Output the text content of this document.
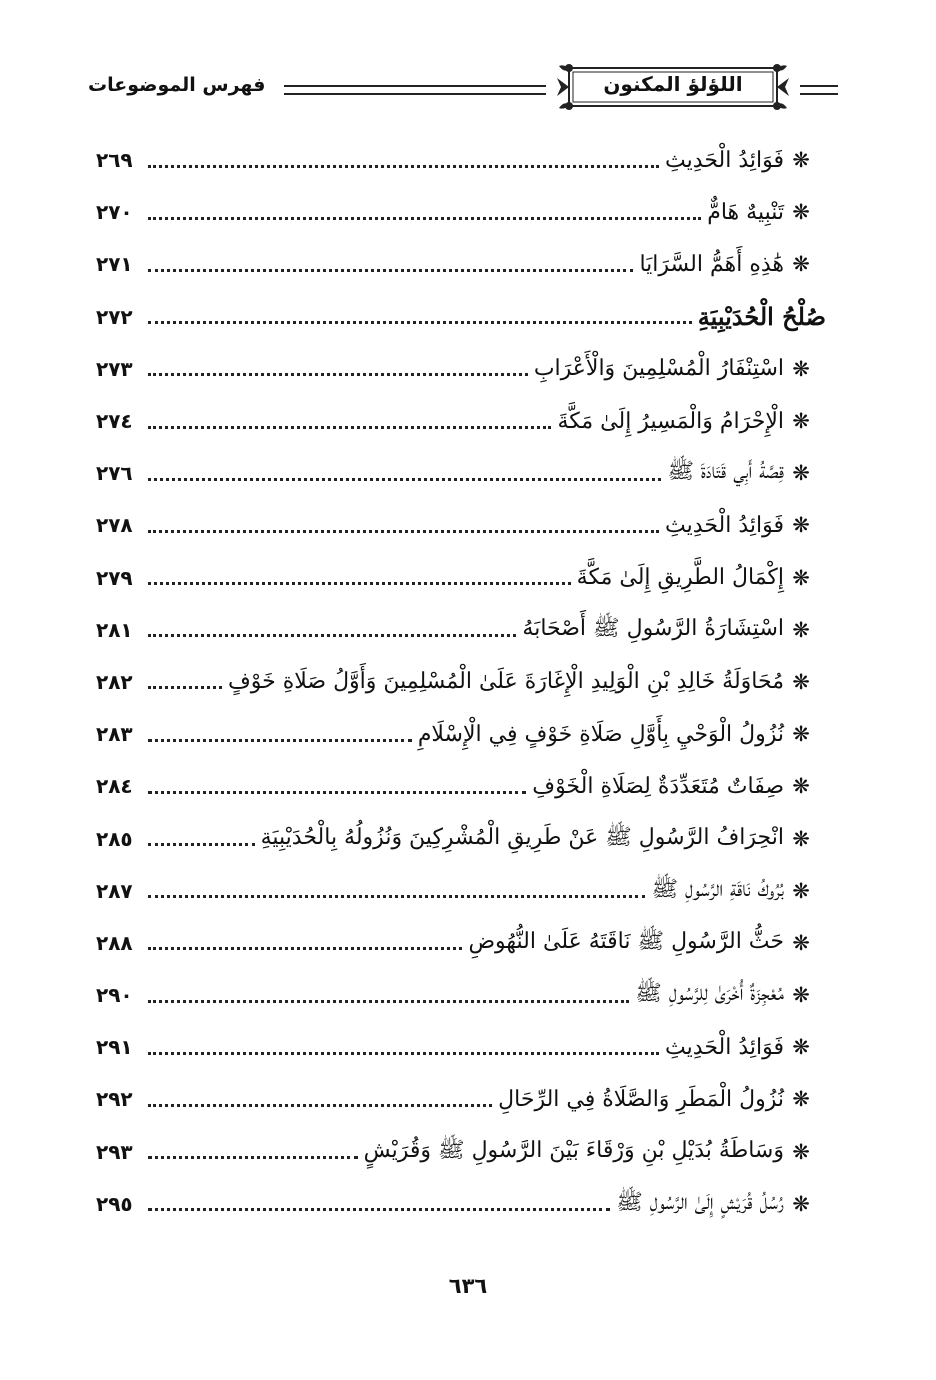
اللؤلؤ المكنون
فهرس الموضوعات
٢٦٩	فَوَائِدُ الْحَدِيثِ ❋
٢٧٠	تَنْبِيهٌ هَامٌّ ❋
٢٧١	هَٰذِهِ أَهَمُّ السَّرَايَا ❋
٢٧٢	صُلْحُ الْحُدَيْبِيَةِ
٢٧٣	اسْتِنْفَارُ الْمُسْلِمِينَ وَالْأَعْرَابِ ❋
٢٧٤	الْإِحْرَامُ وَالْمَسِيرُ إِلَىٰ مَكَّةَ ❋
٢٧٦	قِصَّةُ أَبِي قَتَادَةَ ﷺ ❋
٢٧٨	فَوَائِدُ الْحَدِيثِ ❋
٢٧٩	إِكْمَالُ الطَّرِيقِ إِلَىٰ مَكَّةَ ❋
٢٨١	اسْتِشَارَةُ الرَّسُولِ ﷺ أَصْحَابَهُ ❋
٢٨٢	مُحَاوَلَةُ خَالِدِ بْنِ الْوَلِيدِ الْإِغَارَةَ عَلَىٰ الْمُسْلِمِينَ وَأَوَّلُ صَلَاةِ خَوْفٍ ❋
٢٨٣	نُزُولُ الْوَحْيِ بِأَوَّلِ صَلَاةِ خَوْفٍ فِي الْإِسْلَامِ ❋
٢٨٤	صِفَاتٌ مُتَعَدِّدَةٌ لِصَلَاةِ الْخَوْفِ ❋
٢٨٥	انْحِرَافُ الرَّسُولِ ﷺ عَنْ طَرِيقِ الْمُشْرِكِينَ وَنُزُولُهُ بِالْحُدَيْبِيَةِ ❋
٢٨٧	بُرُوكُ نَاقَةِ الرَّسُولِ ﷺ ❋
٢٨٨	حَثُّ الرَّسُولِ ﷺ نَاقَتَهُ عَلَىٰ النُّهُوضِ ❋
٢٩٠	مُعْجِزَةٌ أُخْرَىٰ لِلرَّسُولِ ﷺ ❋
٢٩١	فَوَائِدُ الْحَدِيثِ ❋
٢٩٢	نُزُولُ الْمَطَرِ وَالصَّلَاةُ فِي الرِّحَالِ ❋
٢٩٣	وَسَاطَةُ بُدَيْلِ بْنِ وَرْقَاءَ بَيْنَ الرَّسُولِ ﷺ وَقُرَيْشٍ ❋
٢٩٥	رُسُلُ قُرَيْشٍ إِلَىٰ الرَّسُولِ ﷺ ❋
٦٣٦
